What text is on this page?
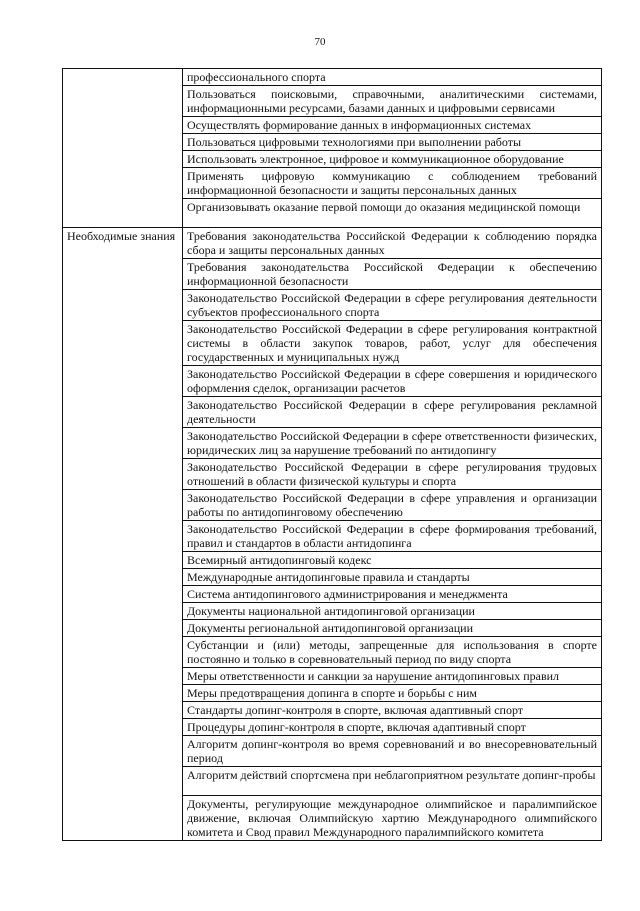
70
	профессионального спорта
	Пользоваться поисковыми, справочными, аналитическими системами, информационными ресурсами, базами данных и цифровыми сервисами
	Осуществлять формирование данных в информационных системах
	Пользоваться цифровыми технологиями при выполнении работы
	Использовать электронное, цифровое и коммуникационное оборудование
	Применять цифровую коммуникацию с соблюдением требований информационной безопасности и защиты персональных данных
	Организовывать оказание первой помощи до оказания медицинской помощи
Необходимые знания	Требования законодательства Российской Федерации к соблюдению порядка сбора и защиты персональных данных
	Требования законодательства Российской Федерации к обеспечению информационной безопасности
	Законодательство Российской Федерации в сфере регулирования деятельности субъектов профессионального спорта
	Законодательство Российской Федерации в сфере регулирования контрактной системы в области закупок товаров, работ, услуг для обеспечения государственных и муниципальных нужд
	Законодательство Российской Федерации в сфере совершения и юридического оформления сделок, организации расчетов
	Законодательство Российской Федерации в сфере регулирования рекламной деятельности
	Законодательство Российской Федерации в сфере ответственности физических, юридических лиц за нарушение требований по антидопингу
	Законодательство Российской Федерации в сфере регулирования трудовых отношений в области физической культуры и спорта
	Законодательство Российской Федерации в сфере управления и организации работы по антидопинговому обеспечению
	Законодательство Российской Федерации в сфере формирования требований, правил и стандартов в области антидопинга
	Всемирный антидопинговый кодекс
	Международные антидопинговые правила и стандарты
	Система антидопингового администрирования и менеджмента
	Документы национальной антидопинговой организации
	Документы региональной антидопинговой организации
	Субстанции и (или) методы, запрещенные для использования в спорте постоянно и только в соревновательный период по виду спорта
	Меры ответственности и санкции за нарушение антидопинговых правил
	Меры предотвращения допинга в спорте и борьбы с ним
	Стандарты допинг-контроля в спорте, включая адаптивный спорт
	Процедуры допинг-контроля в спорте, включая адаптивный спорт
	Алгоритм допинг-контроля во время соревнований и во внесоревновательный период
	Алгоритм действий спортсмена при неблагоприятном результате допинг-пробы
	Документы, регулирующие международное олимпийское и паралимпийское движение, включая Олимпийскую хартию Международного олимпийского комитета и Свод правил Международного паралимпийского комитета
